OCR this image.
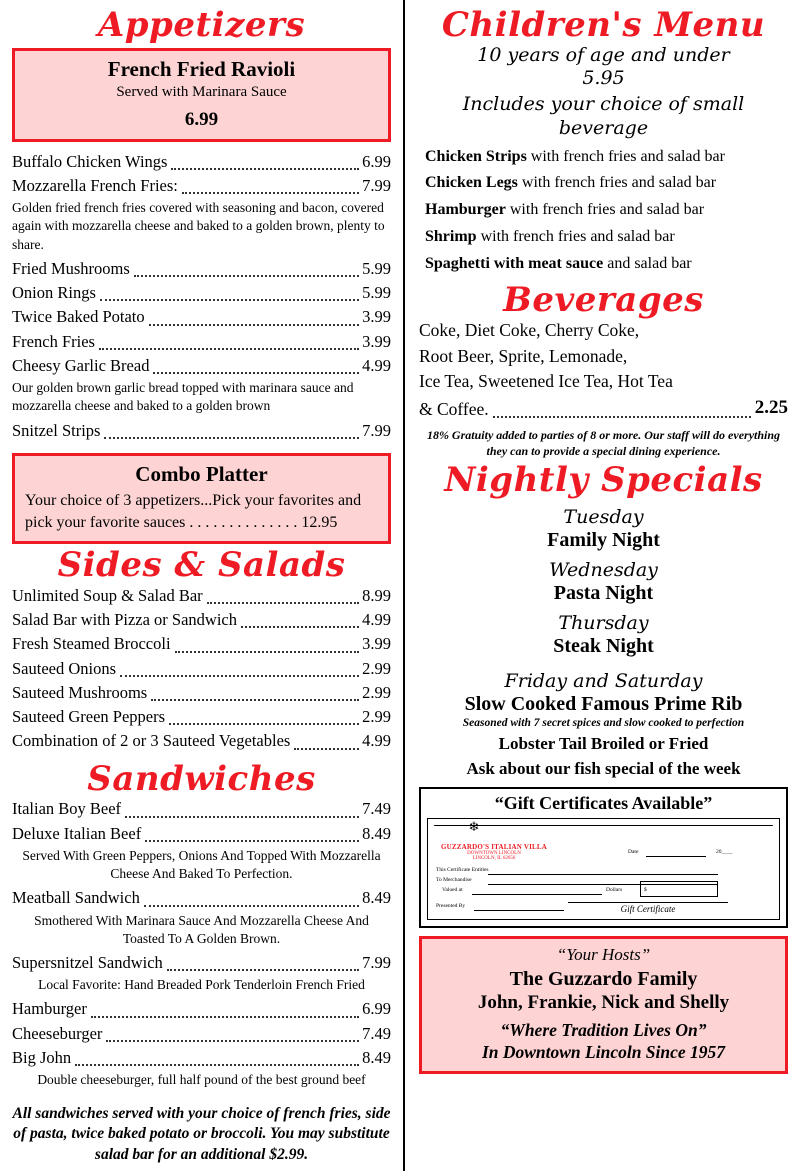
Appetizers
French Fried Ravioli
Served with Marinara Sauce
6.99
Buffalo Chicken Wings	6.99
Mozzarella French Fries:	7.99
Golden fried french fries covered with seasoning and bacon, covered again with mozzarella cheese and baked to a golden brown, plenty to share.
Fried Mushrooms	5.99
Onion Rings	5.99
Twice Baked Potato	3.99
French Fries	3.99
Cheesy Garlic Bread	4.99
Our golden brown garlic bread topped with marinara sauce and mozzarella cheese and baked to a golden brown
Snitzel Strips	7.99
Combo Platter
Your choice of 3 appetizers...Pick your favorites and pick your favorite sauces . . . . . . . . . . . . . . 12.95
Sides & Salads
Unlimited Soup & Salad Bar	8.99
Salad Bar with Pizza or Sandwich	4.99
Fresh Steamed Broccoli	3.99
Sauteed Onions	2.99
Sauteed Mushrooms	2.99
Sauteed Green Peppers	2.99
Combination of 2 or 3 Sauteed Vegetables	4.99
Sandwiches
Italian Boy Beef	7.49
Deluxe Italian Beef	8.49
Served With Green Peppers, Onions And Topped With Mozzarella Cheese And Baked To Perfection.
Meatball Sandwich	8.49
Smothered With Marinara Sauce And Mozzarella Cheese And Toasted To A Golden Brown.
Supersnitzel Sandwich	7.99
Local Favorite: Hand Breaded Pork Tenderloin French Fried
Hamburger	6.99
Cheeseburger	7.49
Big John	8.49
Double cheeseburger, full half pound of the best ground beef
All sandwiches served with your choice of french fries, side of pasta, twice baked potato or broccoli. You may substitute salad bar for an additional $2.99.
Children's Menu
10 years of age and under
5.95
Includes your choice of small beverage
Chicken Strips with french fries and salad bar
Chicken Legs with french fries and salad bar
Hamburger with french fries and salad bar
Shrimp with french fries and salad bar
Spaghetti with meat sauce and salad bar
Beverages
Coke, Diet Coke, Cherry Coke,
Root Beer, Sprite, Lemonade,
Ice Tea, Sweetened Ice Tea, Hot Tea
& Coffee.	2.25
18% Gratuity added to parties of 8 or more. Our staff will do everything they can to provide a special dining experience.
Nightly Specials
Tuesday
Family Night
Wednesday
Pasta Night
Thursday
Steak Night
Friday and Saturday
Slow Cooked Famous Prime Rib
Seasoned with 7 secret spices and slow cooked to perfection
Lobster Tail Broiled or Fried
Ask about our fish special of the week
“Gift Certificates Available”
❄
GUZZARDO'S ITALIAN VILLA
DOWNTOWN LINCOLN
LINCOLN, IL 62656
Date	20____
This Certificate Entitles
To Merchandise
Valued at	Dollars	$
Presented By	Gift Certificate
“Your Hosts”
The Guzzardo Family
John, Frankie, Nick and Shelly
“Where Tradition Lives On”
In Downtown Lincoln Since 1957
